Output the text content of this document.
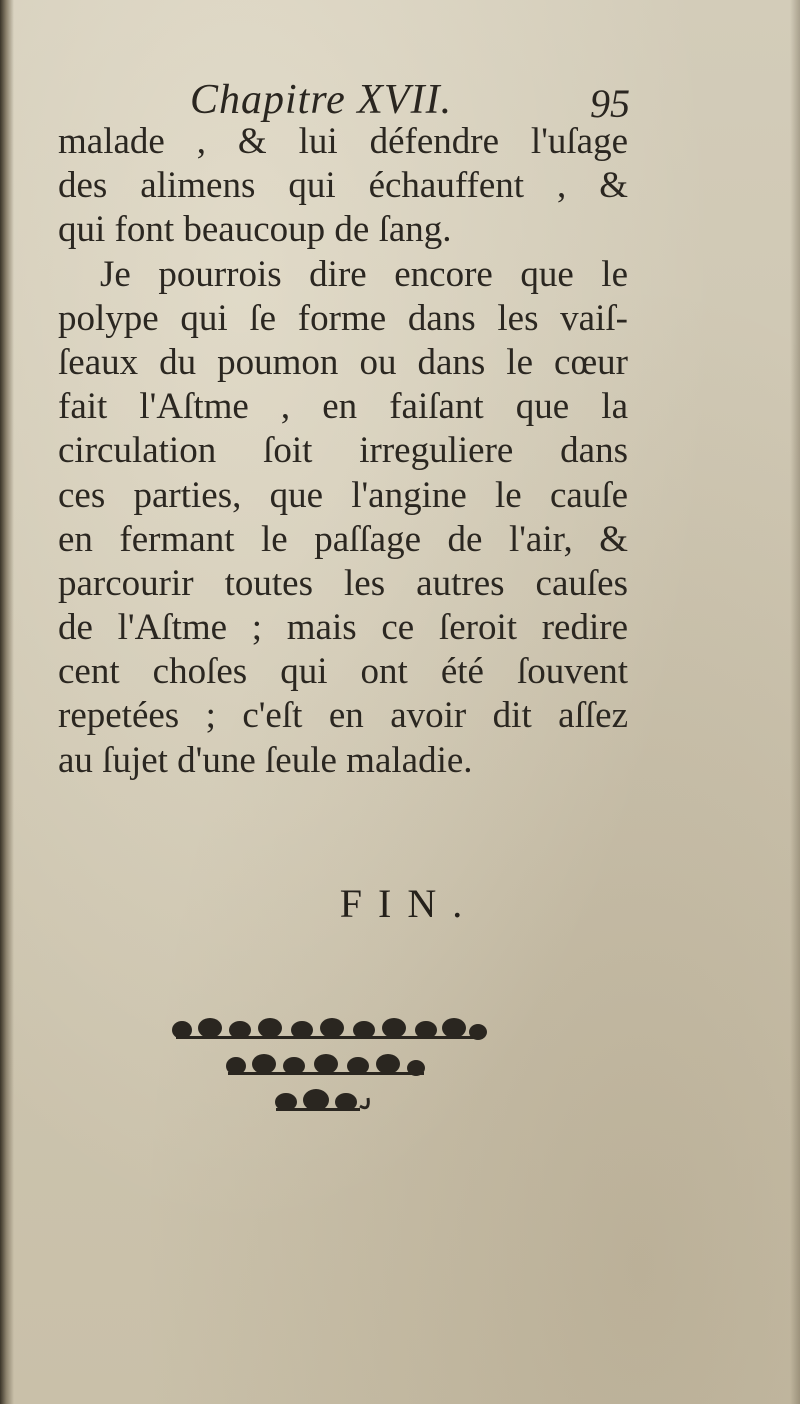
Chapitre XVII.	95
malade , & lui défendre l'uſage
des alimens qui échauffent , &
qui font beaucoup de ſang.
Je pourrois dire encore que le
polype qui ſe forme dans les vaiſ-
ſeaux du poumon ou dans le cœur
fait l'Aſtme , en faiſant que la
circulation ſoit irreguliere dans
ces parties, que l'angine le cauſe
en fermant le paſſage de l'air, &
parcourir toutes les autres cauſes
de l'Aſtme ; mais ce ſeroit redire
cent choſes qui ont été ſouvent
repetées ; c'eſt en avoir dit aſſez
au ſujet d'une ſeule maladie.
FIN.
